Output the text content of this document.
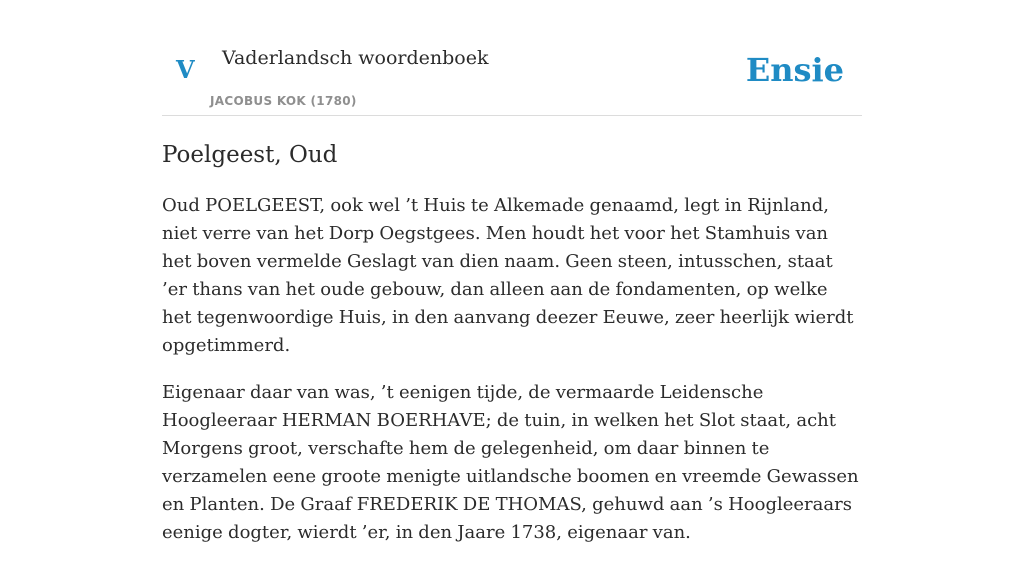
V Vaderlandsch woordenboek
JACOBUS KOK (1780)
Ensie
Poelgeest, Oud

Oud POELGEEST, ook wel ’t Huis te Alkemade genaamd, legt in Rijnland, niet verre van het Dorp Oegstgees. Men houdt het voor het Stamhuis van het boven vermelde Geslagt van dien naam. Geen steen, intusschen, staat ’er thans van het oude gebouw, dan alleen aan de fondamenten, op welke het tegenwoordige Huis, in den aanvang deezer Eeuwe, zeer heerlijk wierdt opgetimmerd.

Eigenaar daar van was, ’t eenigen tijde, de vermaarde Leidensche Hoogleeraar HERMAN BOERHAVE; de tuin, in welken het Slot staat, acht Morgens groot, verschafte hem de gelegenheid, om daar binnen te verzamelen eene groote menigte uitlandsche boomen en vreemde Gewassen en Planten. De Graaf FREDERIK DE THOMAS, gehuwd aan ’s Hoogleeraars eenige dogter, wierdt ’er, in den Jaare 1738, eigenaar van.
